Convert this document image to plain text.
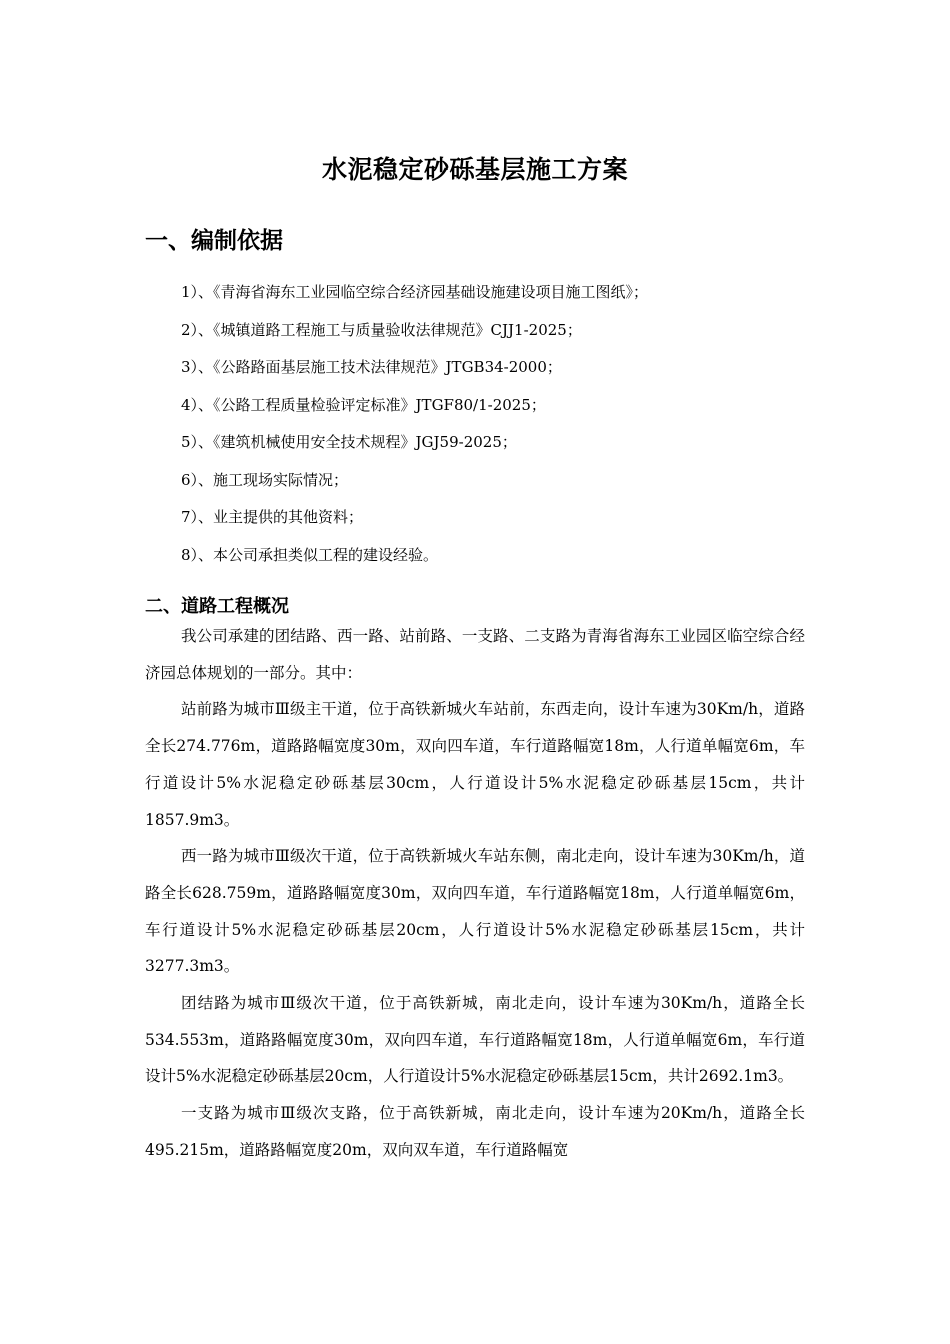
水泥稳定砂砾基层施工方案
一、编制依据
1）、《青海省海东工业园临空综合经济园基础设施建设项目施工图纸》；
2）、《城镇道路工程施工与质量验收法律规范》CJJ1-2025；
3）、《公路路面基层施工技术法律规范》JTGB34-2000；
4）、《公路工程质量检验评定标准》JTGF80/1-2025；
5）、《建筑机械使用安全技术规程》JGJ59-2025；
6）、施工现场实际情况；
7）、业主提供的其他资料；
8）、本公司承担类似工程的建设经验。
二、道路工程概况

我公司承建的团结路、西一路、站前路、一支路、二支路为青海省海东工业园区临空综合经济园总体规划的一部分。其中：

站前路为城市Ⅲ级主干道，位于高铁新城火车站前，东西走向，设计车速为30Km/h，道路全长274.776m，道路路幅宽度30m，双向四车道，车行道路幅宽18m，人行道单幅宽6m，车行道设计5%水泥稳定砂砾基层30cm，人行道设计5%水泥稳定砂砾基层15cm，共计1857.9m3。

西一路为城市Ⅲ级次干道，位于高铁新城火车站东侧，南北走向，设计车速为30Km/h，道路全长628.759m，道路路幅宽度30m，双向四车道，车行道路幅宽18m，人行道单幅宽6m，车行道设计5%水泥稳定砂砾基层20cm，人行道设计5%水泥稳定砂砾基层15cm，共计3277.3m3。

团结路为城市Ⅲ级次干道，位于高铁新城，南北走向，设计车速为30Km/h，道路全长534.553m，道路路幅宽度30m，双向四车道，车行道路幅宽18m，人行道单幅宽6m，车行道设计5%水泥稳定砂砾基层20cm，人行道设计5%水泥稳定砂砾基层15cm，共计2692.1m3。

一支路为城市Ⅲ级次支路，位于高铁新城，南北走向，设计车速为20Km/h，道路全长495.215m，道路路幅宽度20m，双向双车道，车行道路幅宽
